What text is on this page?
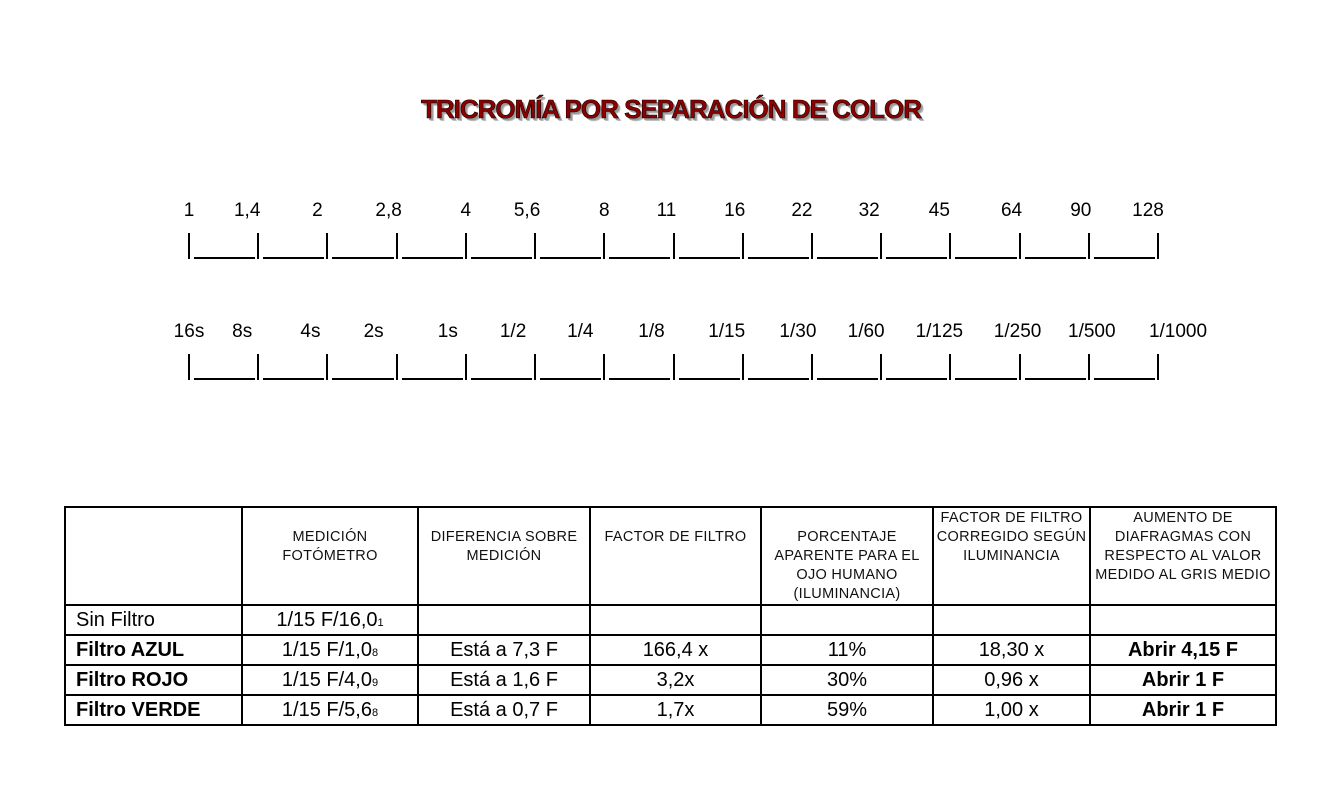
TRICROMÍA POR SEPARACIÓN DE COLOR
1 1,4	2	2,8	4 5,6	8 11	16 22 32	45	64	90 128
16s 8s	4s 2s	1s 1/2 1/4 1/8 1/15 1/30 1/60 1/125 1/250 1/500 1/1000
	MEDICIÓN FOTÓMETRO	DIFERENCIA SOBRE MEDICIÓN	FACTOR DE FILTRO	PORCENTAJE APARENTE PARA EL OJO HUMANO (ILUMINANCIA)	FACTOR DE FILTRO CORREGIDO SEGÚN ILUMINANCIA	AUMENTO DE DIAFRAGMAS CON RESPECTO AL VALOR MEDIDO AL GRIS MEDIO
Sin Filtro	1/15 F/16,01					
Filtro AZUL	1/15 F/1,08	Está a 7,3 F	166,4 x	11%	18,30 x	Abrir 4,15 F
Filtro ROJO	1/15 F/4,09	Está a 1,6 F	3,2x	30%	0,96 x	Abrir 1 F
Filtro VERDE	1/15 F/5,68	Está a 0,7 F	1,7x	59%	1,00 x	Abrir 1 F
